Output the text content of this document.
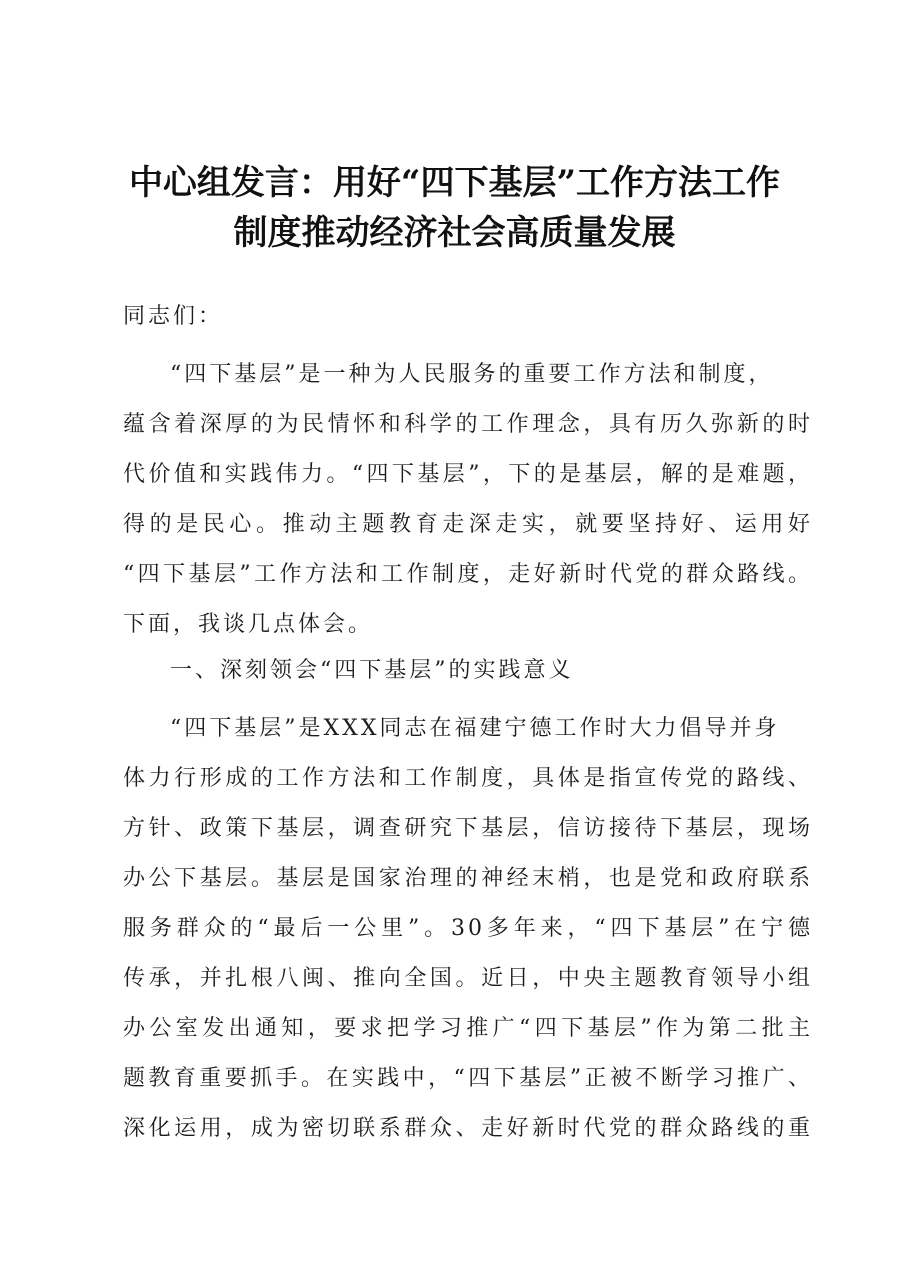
中心组发言：用好“四下基层”工作方法工作
制度推动经济社会高质量发展
同志们：
“四下基层”是一种为人民服务的重要工作方法和制度，
蕴含着深厚的为民情怀和科学的工作理念，具有历久弥新的时
代价值和实践伟力。“四下基层”，下的是基层，解的是难题，
得的是民心。推动主题教育走深走实，就要坚持好、运用好
“四下基层”工作方法和工作制度，走好新时代党的群众路线。
下面，我谈几点体会。
一、深刻领会“四下基层”的实践意义
“四下基层”是XXX同志在福建宁德工作时大力倡导并身
体力行形成的工作方法和工作制度，具体是指宣传党的路线、
方针、政策下基层，调查研究下基层，信访接待下基层，现场
办公下基层。基层是国家治理的神经末梢，也是党和政府联系
服务群众的“最后一公里”。30多年来，“四下基层”在宁德
传承，并扎根八闽、推向全国。近日，中央主题教育领导小组
办公室发出通知，要求把学习推广“四下基层”作为第二批主
题教育重要抓手。在实践中，“四下基层”正被不断学习推广、
深化运用，成为密切联系群众、走好新时代党的群众路线的重
